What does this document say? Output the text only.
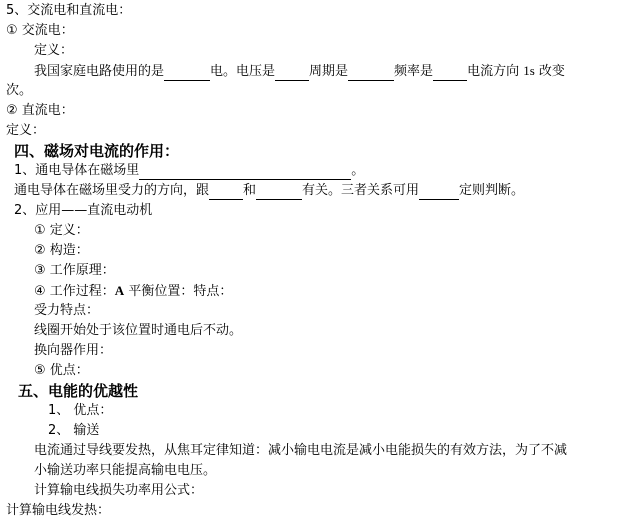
5、交流电和直流电：
① 交流电：
定义：
我国家庭电路使用的是	电。电压是	周期是	频率是	电流方向 1s 改变
次。
② 直流电：
定义：
四、磁场对电流的作用：
1、通电导体在磁场里	。
通电导体在磁场里受力的方向，跟	和	有关。三者关系可用	定则判断。
2、应用——直流电动机
① 定义：
② 构造：
③ 工作原理：
④ 工作过程：A 平衡位置：特点：
受力特点：
线圈开始处于该位置时通电后不动。
换向器作用：
⑤ 优点：
五、电能的优越性
1、 优点：
2、 输送
电流通过导线要发热，从焦耳定律知道：减小输电电流是减小电能损失的有效方法，为了不减
小输送功率只能提高输电电压。
计算输电线损失功率用公式：
计算输电线发热：
